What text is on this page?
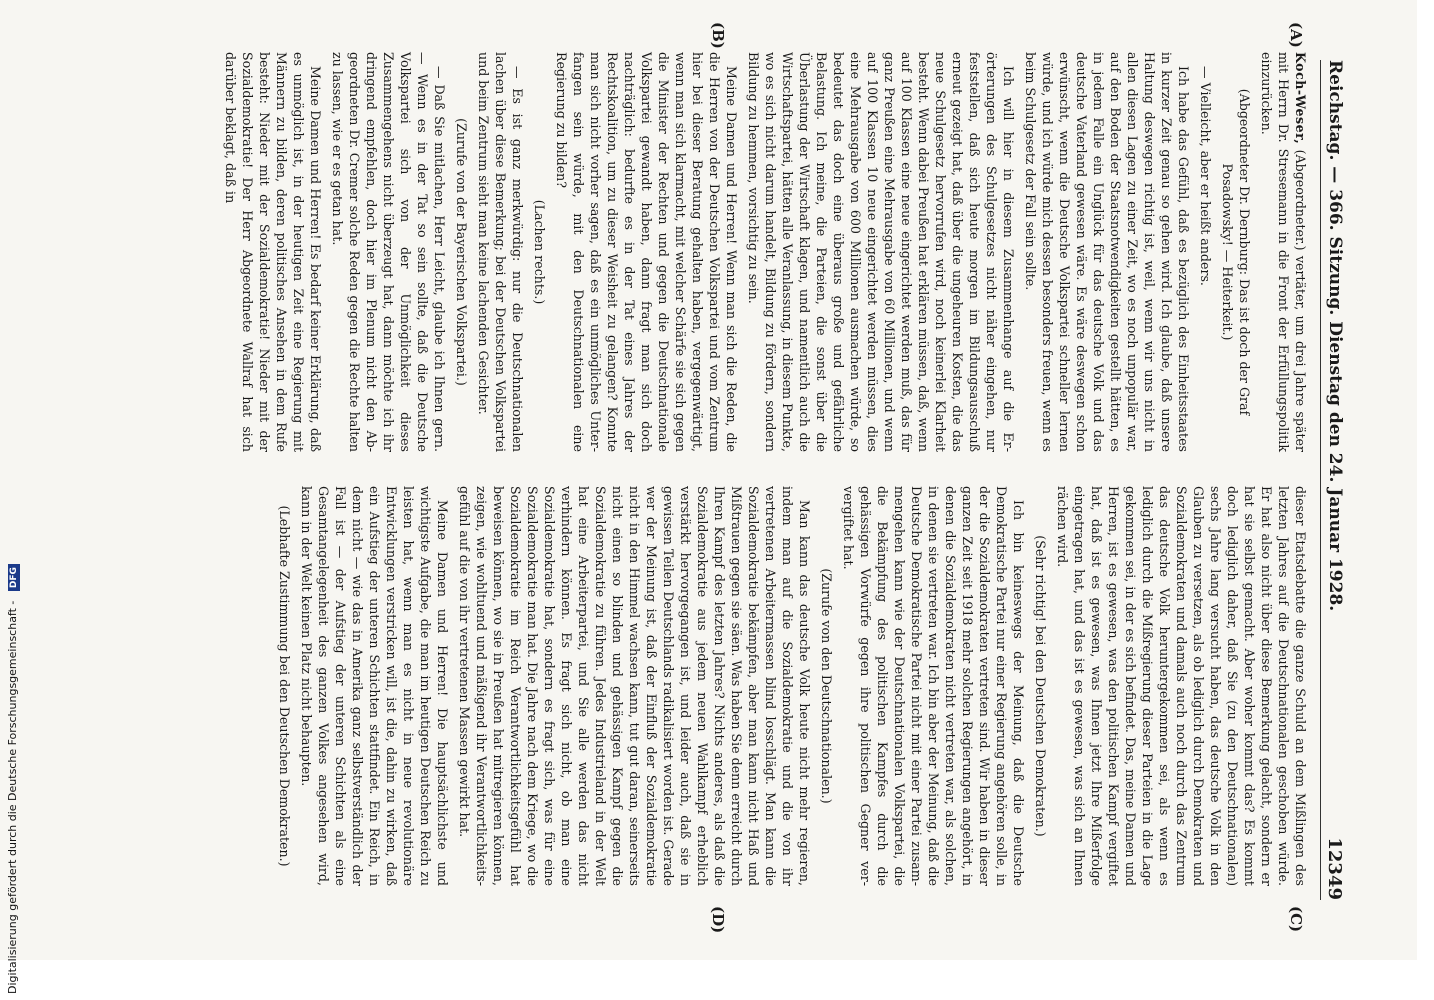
Reichstag. — 366. Sitzung. Dienstag den 24. Januar 1928.
12349
(A)
(B)
(C)
(D)

Koch-Weser, (Abgeordneter.) vertäter, um drei Jahre später mit Herrn Dr. Stresemann in die Front der Erfüllungspolitik einzurücken.

(Abgeordneter Dr. Dernburg: Das ist doch der Graf Posadowsky! — Heiterkeit.)

— Vielleicht, aber er heißt anders.

Ich habe das Gefühl, daß es bezüglich des Einheitsstaates in kurzer Zeit genau so gehen wird. Ich glaube, daß unsere Haltung deswegen richtig ist, weil, wenn wir uns nicht in allen diesen Lagen zu einer Zeit, wo es noch unpopulär war, auf den Boden der Staatsnotwendigkeiten gestellt hätten, es in jedem Falle ein Unglück für das deutsche Volk und das deutsche Vaterland gewesen wäre. Es wäre deswegen schon erwünscht, wenn die Deutsche Volkspartei schneller lernen würde, und ich würde mich dessen besonders freuen, wenn es beim Schulgesetz der Fall sein sollte.

Ich will hier in diesem Zusammenhange auf die Erörterungen des Schulgesetzes nicht näher eingehen, nur feststellen, daß sich heute morgen im Bildungsausschuß erneut gezeigt hat, daß über die ungeheuren Kosten, die das neue Schulgesetz hervorrufen wird, noch keinerlei Klarheit besteht. Wenn dabei Preußen hat erklären müssen, daß, wenn auf 100 Klassen eine neue eingerichtet werden muß, das für ganz Preußen eine Mehrausgabe von 60 Millionen, und wenn auf 100 Klassen 10 neue eingerichtet werden müssen, dies eine Mehrausgabe von 600 Millionen ausmachen würde, so bedeutet das doch eine überaus große und gefährliche Belastung. Ich meine, die Parteien, die sonst über die Überlastung der Wirtschaft klagen, und namentlich auch die Wirtschaftspartei, hätten alle Veranlassung, in diesem Punkte, wo es sich nicht darum handelt, Bildung zu fördern, sondern Bildung zu hemmen, vorsichtig zu sein.

Meine Damen und Herren! Wenn man sich die Reden, die die Herren von der Deutschen Volkspartei und vom Zentrum hier bei dieser Beratung gehalten haben, vergegenwärtigt, wenn man sich klarmacht, mit welcher Schärfe sie sich gegen die Minister der Rechten und gegen die Deutschnationale Volkspartei gewandt haben, dann fragt man sich doch nachträglich: bedurfte es in der Tat eines Jahres der Rechtskoalition, um zu dieser Weisheit zu gelangen? Konnte man sich nicht vorher sagen, daß es ein unmögliches Unterfangen sein würde, mit den Deutschnationalen eine Regierung zu bilden?

(Lachen rechts.)

— Es ist ganz merkwürdig: nur die Deutschnationalen lachen über diese Bemerkung; bei der Deutschen Volkspartei und beim Zentrum sieht man keine lachenden Gesichter.

(Zurufe von der Bayerischen Volkspartei.)

— Daß Sie mitlachen, Herr Leicht, glaube ich Ihnen gern. — Wenn es in der Tat so sein sollte, daß die Deutsche Volkspartei sich von der Unmöglichkeit dieses Zusammengehens nicht überzeugt hat, dann möchte ich ihr dringend empfehlen, doch hier im Plenum nicht den Abgeordneten Dr. Cremer solche Reden gegen die Rechte halten zu lassen, wie er es getan hat.

Meine Damen und Herren! Es bedarf keiner Erklärung, daß es unmöglich ist, in der heutigen Zeit eine Regierung mit Männern zu bilden, deren politisches Ansehen in dem Rufe besteht: Nieder mit der Sozialdemokratie! Nieder mit der Sozialdemokratie! Der Herr Abgeordnete Wallraf hat sich darüber beklagt, daß in

dieser Etatsdebatte die ganze Schuld an dem Mißlingen des letzten Jahres auf die Deutschnationalen geschoben würde. Er hat also nicht über diese Bemerkung gelacht, sondern er hat sie selbst gemacht. Aber woher kommt das? Es kommt doch lediglich daher, daß Sie (zu den Deutschnationalen) sechs Jahre lang versucht haben, das deutsche Volk in den Glauben zu versetzen, als ob lediglich durch Demokraten und Sozialdemokraten und damals auch noch durch das Zentrum das deutsche Volk heruntergekommen sei, als wenn es lediglich durch die Mißregierung dieser Parteien in die Lage gekommen sei, in der es sich befindet. Das, meine Damen und Herren, ist es gewesen, was den politischen Kampf vergiftet hat, daß ist es gewesen, was Ihnen jetzt Ihre Mißerfolge eingetragen hat, und das ist es gewesen, was sich an Ihnen rächen wird.

(Sehr richtig! bei den Deutschen Demokraten.)

Ich bin keineswegs der Meinung, daß die Deutsche Demokratische Partei nur einer Regierung angehören solle, in der die Sozialdemokraten vertreten sind. Wir haben in dieser ganzen Zeit seit 1918 mehr solchen Regierungen angehört, in denen die Sozialdemokraten nicht vertreten war, als solchen, in denen sie vertreten war. Ich bin aber der Meinung, daß die Deutsche Demokratische Partei nicht mit einer Partei zusammengehen kann wie der Deutschnationalen Volkspartei, die die Bekämpfung des politischen Kampfes durch die gehässigen Vorwürfe gegen ihre politischen Gegner ververgiftet hat.

(Zurufe von den Deutschnationalen.)

Man kann das deutsche Volk heute nicht mehr regieren, indem man auf die Sozialdemokratie und die von ihr vertretenen Arbeitermassen blind losschlägt. Man kann die Sozialdemokratie bekämpfen, aber man kann nicht Haß und Mißtrauen gegen sie säen. Was haben Sie denn erreicht durch Ihren Kampf des letzten Jahres? Nichts anderes, als daß die Sozialdemokratie aus jedem neuen Wahlkampf erheblich verstärkt hervorgegangen ist, und leider auch, daß sie in gewissen Teilen Deutschlands radikalisiert worden ist. Gerade wer der Meinung ist, daß der Einfluß der Sozialdemokratie nicht in den Himmel wachsen kann, tut gut daran, seinerseits nicht einen so blinden und gehässigen Kampf gegen die Sozialdemokratie zu führen. Jedes Industrieland in der Welt hat eine Arbeiterpartei, und Sie alle werden das nicht verhindern können. Es fragt sich nicht, ob man eine Sozialdemokratie hat, sondern es fragt sich, was für eine Sozialdemokratie man hat. Die Jahre nach dem Kriege, wo die Sozialdemokratie im Reich Verantwortlichkeitsgefühl hat beweisen können, wo sie in Preußen hat mitregieren können, zeigen, wie wohltuend und mäßigend ihr Verantwortlichkeitsgefühl auf die von ihr vertretenen Massen gewirkt hat.

Meine Damen und Herren! Die hauptsächlichste und wichtigste Aufgabe, die man im heutigen Deutschen Reich zu leisten hat, wenn man es nicht in neue revolutionäre Entwicklungen verstricken will, ist die, dahin zu wirken, daß ein Aufstieg der unteren Schichten stattfindet. Ein Reich, in dem nicht — wie das in Amerika ganz selbstverständlich der Fall ist — der Aufstieg der unteren Schichten als eine Gesamtangelegenheit des ganzen Volkes angesehen wird, kann in der Welt keinen Platz nicht behaupten.

(Lebhafte Zustimmung bei den Deutschen Demokraten.)

Digitalisierung gefördert durch die Deutsche Forschungsgemeinschaft - DFG
